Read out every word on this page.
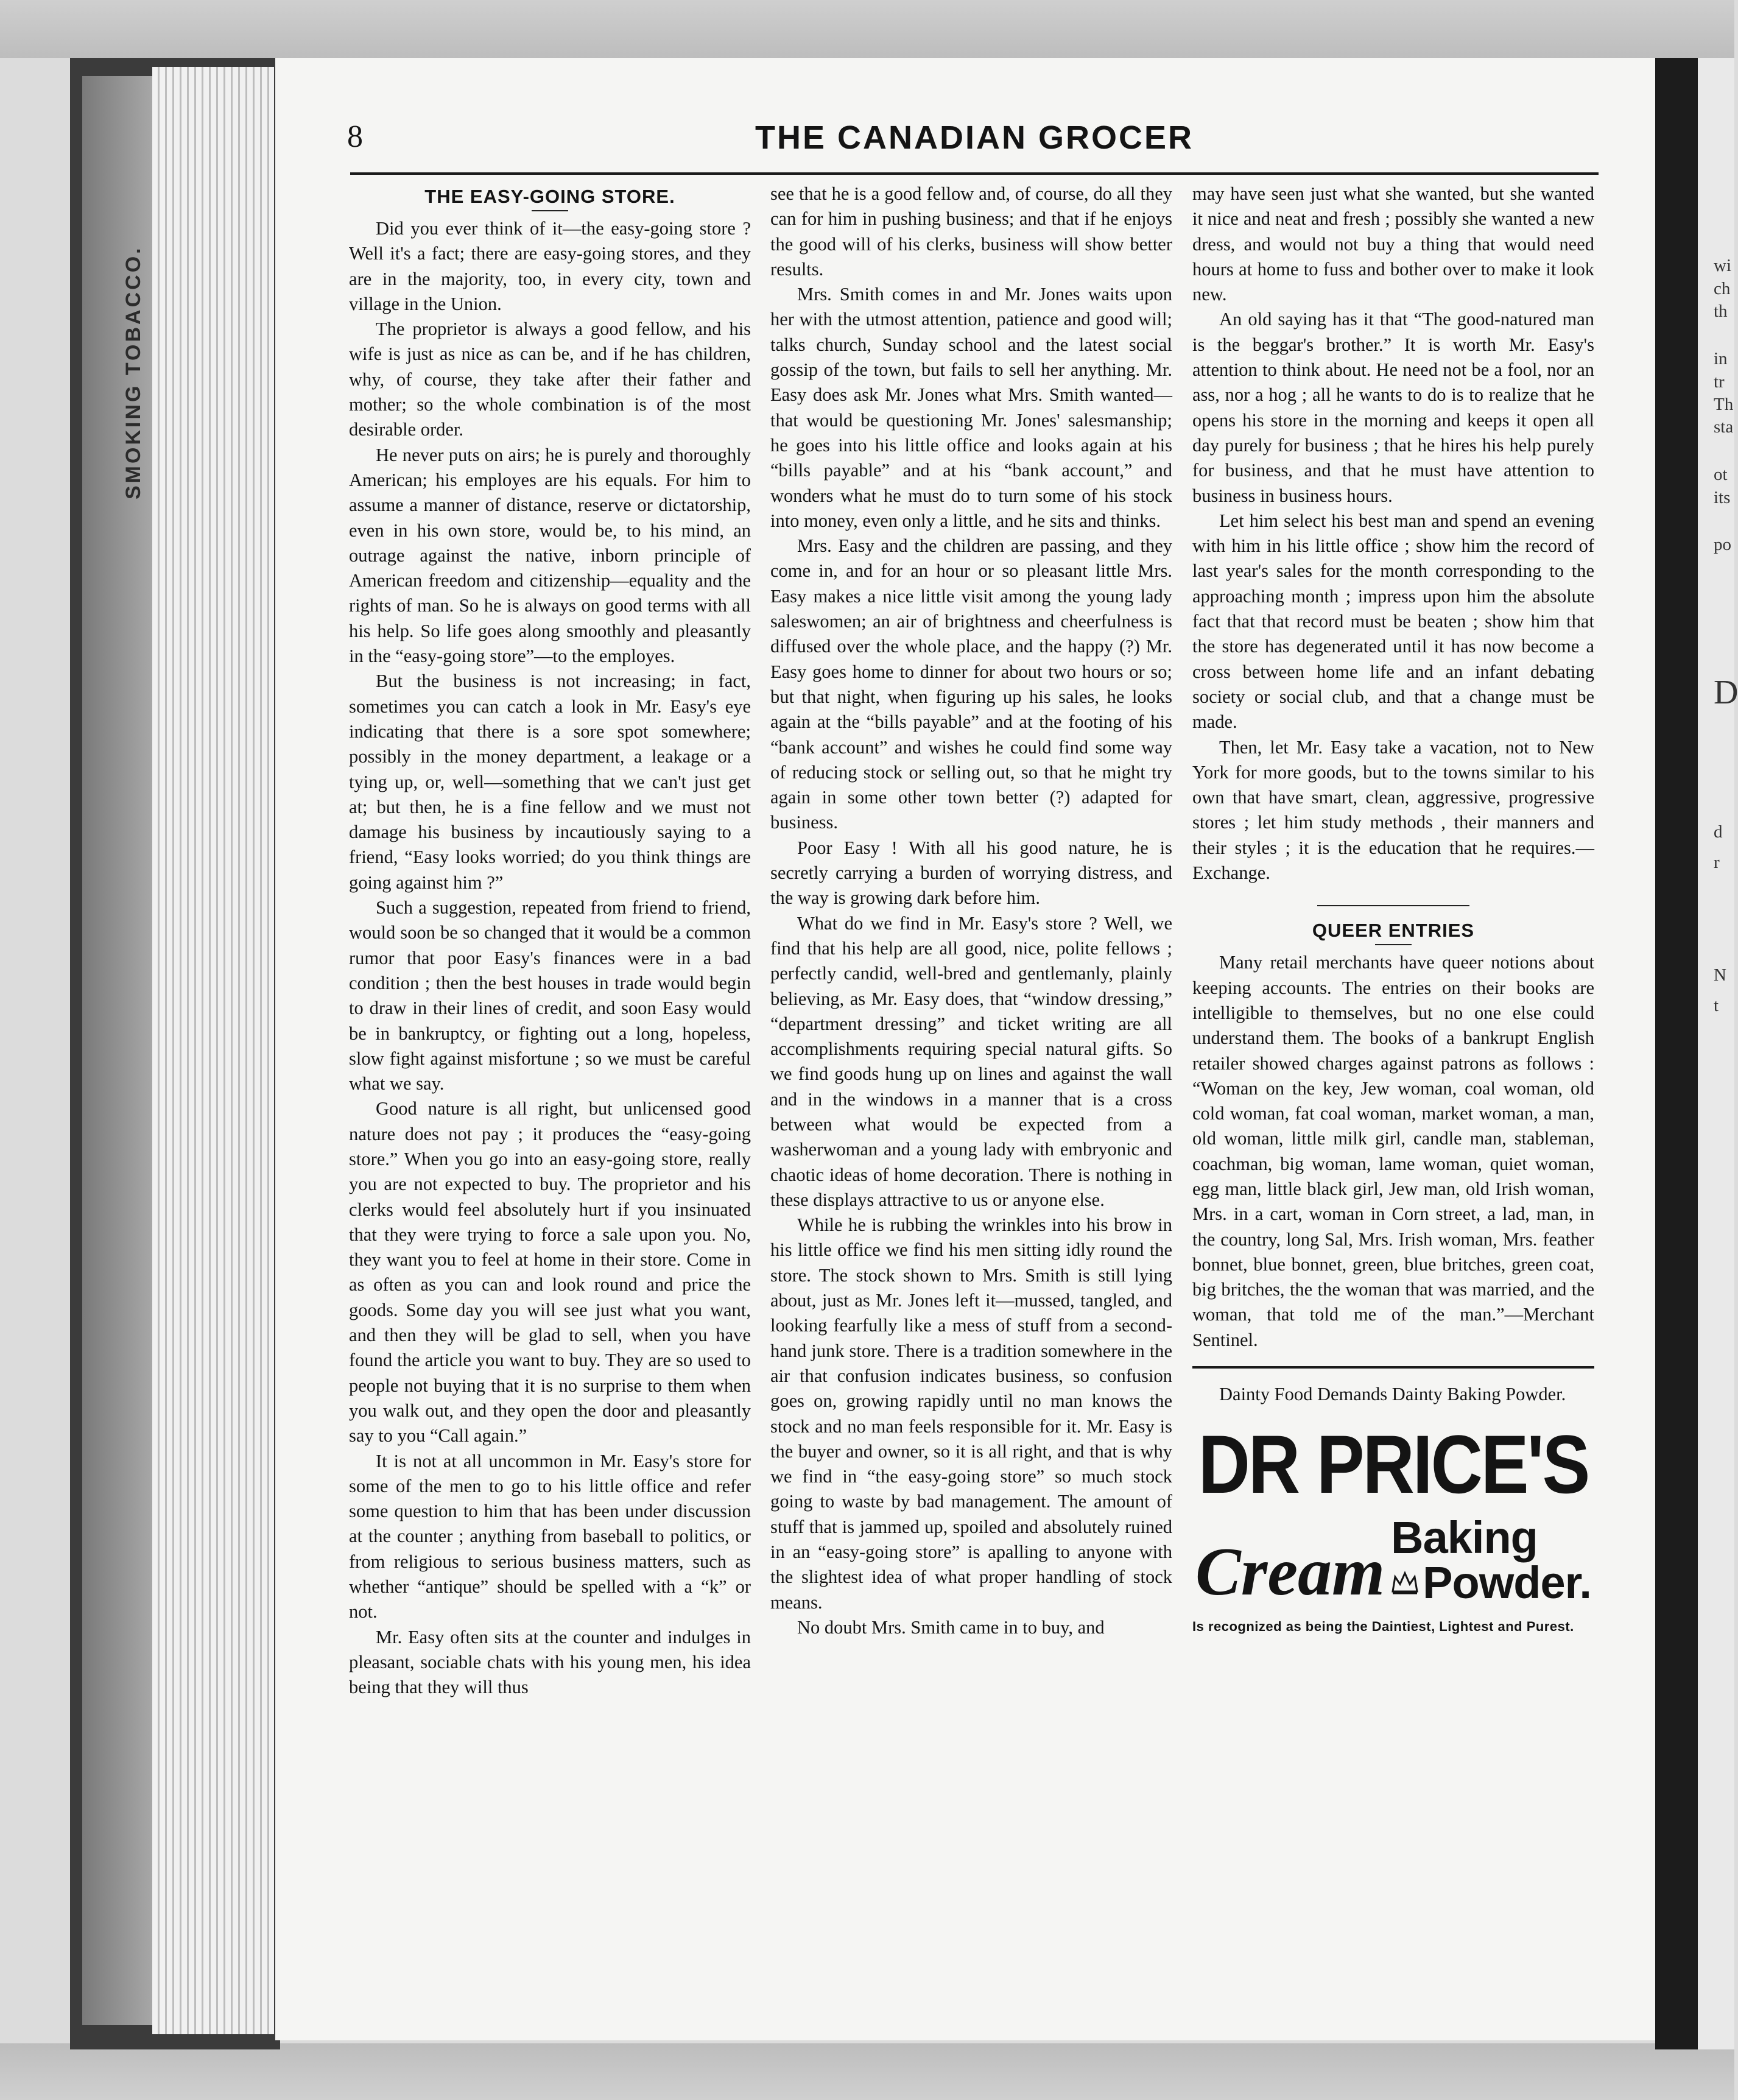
SMOKING TOBACCO.	wi
ch
th
in
tr
Th
sta
ot
its
po
D
d
r
N
t
8	THE CANADIAN GROCER
THE EASY-GOING STORE.

Did you ever think of it—the easy-going store ? Well it's a fact; there are easy-going stores, and they are in the majority, too, in every city, town and village in the Union.

The proprietor is always a good fellow, and his wife is just as nice as can be, and if he has children, why, of course, they take after their father and mother; so the whole combination is of the most desirable order.

He never puts on airs; he is purely and thoroughly American; his employes are his equals. For him to assume a manner of distance, reserve or dictatorship, even in his own store, would be, to his mind, an outrage against the native, inborn principle of American freedom and citizenship—equality and the rights of man. So he is always on good terms with all his help. So life goes along smoothly and pleasantly in the “easy-going store”—to the employes.

But the business is not increasing; in fact, sometimes you can catch a look in Mr. Easy's eye indicating that there is a sore spot somewhere; possibly in the money department, a leakage or a tying up, or, well—something that we can't just get at; but then, he is a fine fellow and we must not damage his business by incautiously saying to a friend, “Easy looks worried; do you think things are going against him ?”

Such a suggestion, repeated from friend to friend, would soon be so changed that it would be a common rumor that poor Easy's finances were in a bad condition ; then the best houses in trade would begin to draw in their lines of credit, and soon Easy would be in bankruptcy, or fighting out a long, hopeless, slow fight against misfortune ; so we must be careful what we say.

Good nature is all right, but unlicensed good nature does not pay ; it produces the “easy-going store.” When you go into an easy-going store, really you are not expected to buy. The proprietor and his clerks would feel absolutely hurt if you insinuated that they were trying to force a sale upon you. No, they want you to feel at home in their store. Come in as often as you can and look round and price the goods. Some day you will see just what you want, and then they will be glad to sell, when you have found the article you want to buy. They are so used to people not buying that it is no surprise to them when you walk out, and they open the door and pleasantly say to you “Call again.”

It is not at all uncommon in Mr. Easy's store for some of the men to go to his little office and refer some question to him that has been under discussion at the counter ; anything from baseball to politics, or from religious to serious business matters, such as whether “antique” should be spelled with a “k” or not.

Mr. Easy often sits at the counter and indulges in pleasant, sociable chats with his young men, his idea being that they will thus

see that he is a good fellow and, of course, do all they can for him in pushing business; and that if he enjoys the good will of his clerks, business will show better results.

Mrs. Smith comes in and Mr. Jones waits upon her with the utmost attention, patience and good will; talks church, Sunday school and the latest social gossip of the town, but fails to sell her anything. Mr. Easy does ask Mr. Jones what Mrs. Smith wanted—that would be questioning Mr. Jones' salesmanship; he goes into his little office and looks again at his “bills payable” and at his “bank account,” and wonders what he must do to turn some of his stock into money, even only a little, and he sits and thinks.

Mrs. Easy and the children are passing, and they come in, and for an hour or so pleasant little Mrs. Easy makes a nice little visit among the young lady saleswomen; an air of brightness and cheerfulness is diffused over the whole place, and the happy (?) Mr. Easy goes home to dinner for about two hours or so; but that night, when figuring up his sales, he looks again at the “bills payable” and at the footing of his “bank account” and wishes he could find some way of reducing stock or selling out, so that he might try again in some other town better (?) adapted for business.

Poor Easy ! With all his good nature, he is secretly carrying a burden of worrying distress, and the way is growing dark before him.

What do we find in Mr. Easy's store ? Well, we find that his help are all good, nice, polite fellows ; perfectly candid, well-bred and gentlemanly, plainly believing, as Mr. Easy does, that “window dressing,” “department dressing” and ticket writing are all accomplishments requiring special natural gifts. So we find goods hung up on lines and against the wall and in the windows in a manner that is a cross between what would be expected from a washerwoman and a young lady with embryonic and chaotic ideas of home decoration. There is nothing in these displays attractive to us or anyone else.

While he is rubbing the wrinkles into his brow in his little office we find his men sitting idly round the store. The stock shown to Mrs. Smith is still lying about, just as Mr. Jones left it—mussed, tangled, and looking fearfully like a mess of stuff from a second-hand junk store. There is a tradition somewhere in the air that confusion indicates business, so confusion goes on, growing rapidly until no man knows the stock and no man feels responsible for it. Mr. Easy is the buyer and owner, so it is all right, and that is why we find in “the easy-going store” so much stock going to waste by bad management. The amount of stuff that is jammed up, spoiled and absolutely ruined in an “easy-going store” is apalling to anyone with the slightest idea of what proper handling of stock means.

No doubt Mrs. Smith came in to buy, and

may have seen just what she wanted, but she wanted it nice and neat and fresh ; possibly she wanted a new dress, and would not buy a thing that would need hours at home to fuss and bother over to make it look new.

An old saying has it that “The good-natured man is the beggar's brother.” It is worth Mr. Easy's attention to think about. He need not be a fool, nor an ass, nor a hog ; all he wants to do is to realize that he opens his store in the morning and keeps it open all day purely for business ; that he hires his help purely for business, and that he must have attention to business in business hours.

Let him select his best man and spend an evening with him in his little office ; show him the record of last year's sales for the month corresponding to the approaching month ; impress upon him the absolute fact that that record must be beaten ; show him that the store has degenerated until it has now become a cross between home life and an infant debating society or social club, and that a change must be made.

Then, let Mr. Easy take a vacation, not to New York for more goods, but to the towns similar to his own that have smart, clean, aggressive, progressive stores ; let him study methods , their manners and their styles ; it is the education that he requires.—Exchange.

QUEER ENTRIES

Many retail merchants have queer notions about keeping accounts. The entries on their books are intelligible to themselves, but no one else could understand them. The books of a bankrupt English retailer showed charges against patrons as follows : “Woman on the key, Jew woman, coal woman, old cold woman, fat coal woman, market woman, a man, old woman, little milk girl, candle man, stableman, coachman, big woman, lame woman, quiet woman, egg man, little black girl, Jew man, old Irish woman, Mrs. in a cart, woman in Corn street, a lad, man, in the country, long Sal, Mrs. Irish woman, Mrs. feather bonnet, blue bonnet, green, blue britches, green coat, big britches, the the woman that was married, and the woman, that told me of the man.”—Merchant Sentinel.

Dainty Food Demands Dainty Baking Powder.

DR PRICE'S
Cream Baking
Powder.
Is recognized as being the Daintiest, Lightest and Purest.
